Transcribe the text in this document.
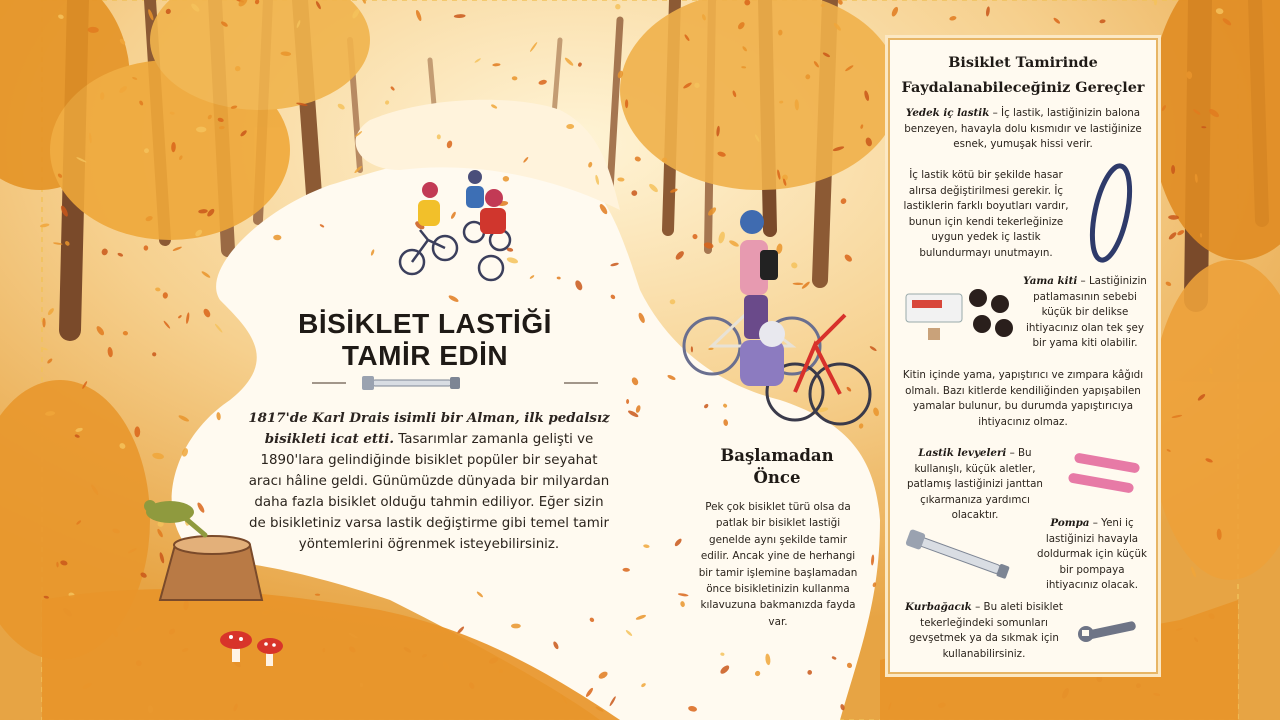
BİSİKLET LASTİĞİ TAMİR EDİN
1817'de Karl Drais isimli bir Alman, ilk pedalsız bisikleti icat etti. Tasarımlar zamanla gelişti ve 1890'lara gelindiğinde bisiklet popüler bir seyahat aracı hâline geldi. Günümüzde dünyada bir milyardan daha fazla bisiklet olduğu tahmin ediliyor. Eğer sizin de bisikletiniz varsa lastik değiştirme gibi temel tamir yöntemlerini öğrenmek isteyebilirsiniz.
Başlamadan Önce
Pek çok bisiklet türü olsa da patlak bir bisiklet lastiği genelde aynı şekilde tamir edilir. Ancak yine de herhangi bir tamir işlemine başlamadan önce bisikletinizin kullanma kılavuzuna bakmanızda fayda var.
Bisiklet Tamirinde Faydalanabileceğiniz Gereçler
Yedek iç lastik – İç lastik, lastiğinizin balona benzeyen, havayla dolu kısmıdır ve lastiğinize esnek, yumuşak hissi verir.
İç lastik kötü bir şekilde hasar alırsa değiştirilmesi gerekir. İç lastiklerin farklı boyutları vardır, bunun için kendi tekerleğinize uygun yedek iç lastik bulundurmayı unutmayın.
Yama kiti – Lastiğinizin patlamasının sebebi küçük bir delikse ihtiyacınız olan tek şey bir yama kiti olabilir.
Kitin içinde yama, yapıştırıcı ve zımpara kâğıdı olmalı. Bazı kitlerde kendiliğinden yapışabilen yamalar bulunur, bu durumda yapıştırıcıya ihtiyacınız olmaz.
Lastik levyeleri – Bu kullanışlı, küçük aletler, patlamış lastiğinizi janttan çıkarmanıza yardımcı olacaktır.
Pompa – Yeni iç lastiğinizi havayla doldurmak için küçük bir pompaya ihtiyacınız olacak.
Kurbağacık – Bu aleti bisiklet tekerleğindeki somunları gevşetmek ya da sıkmak için kullanabilirsiniz.
